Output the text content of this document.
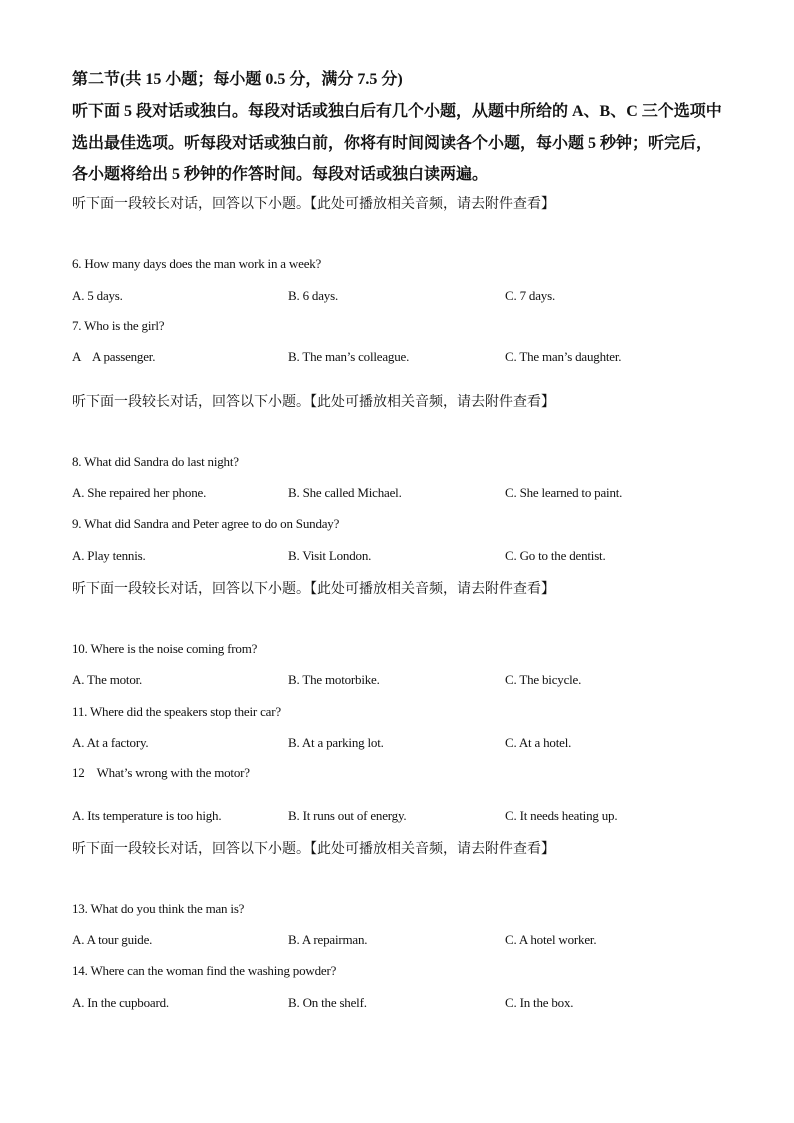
第二节(共 15 小题；每小题 0.5 分，满分 7.5 分)
听下面 5 段对话或独白。每段对话或独白后有几个小题，从题中所给的 A、B、C 三个选项中
选出最佳选项。听每段对话或独白前，你将有时间阅读各个小题，每小题 5 秒钟；听完后，
各小题将给出 5 秒钟的作答时间。每段对话或独白读两遍。
听下面一段较长对话，回答以下小题。【此处可播放相关音频，请去附件查看】
6. How many days does the man work in a week?
A. 5 days.	B. 6 days.	C. 7 days.
7. Who is the girl?
A    A passenger.	B. The man’s colleague.	C. The man’s daughter.
听下面一段较长对话，回答以下小题。【此处可播放相关音频，请去附件查看】
8. What did Sandra do last night?
A. She repaired her phone.	B. She called Michael.	C. She learned to paint.
9. What did Sandra and Peter agree to do on Sunday?
A. Play tennis.	B. Visit London.	C. Go to the dentist.
听下面一段较长对话，回答以下小题。【此处可播放相关音频，请去附件查看】
10. Where is the noise coming from?
A. The motor.	B. The motorbike.	C. The bicycle.
11. Where did the speakers stop their car?
A. At a factory.	B. At a parking lot.	C. At a hotel.
12    What’s wrong with the motor?
A. Its temperature is too high.	B. It runs out of energy.	C. It needs heating up.
听下面一段较长对话，回答以下小题。【此处可播放相关音频，请去附件查看】
13. What do you think the man is?
A. A tour guide.	B. A repairman.	C. A hotel worker.
14. Where can the woman find the washing powder?
A. In the cupboard.	B. On the shelf.	C. In the box.
